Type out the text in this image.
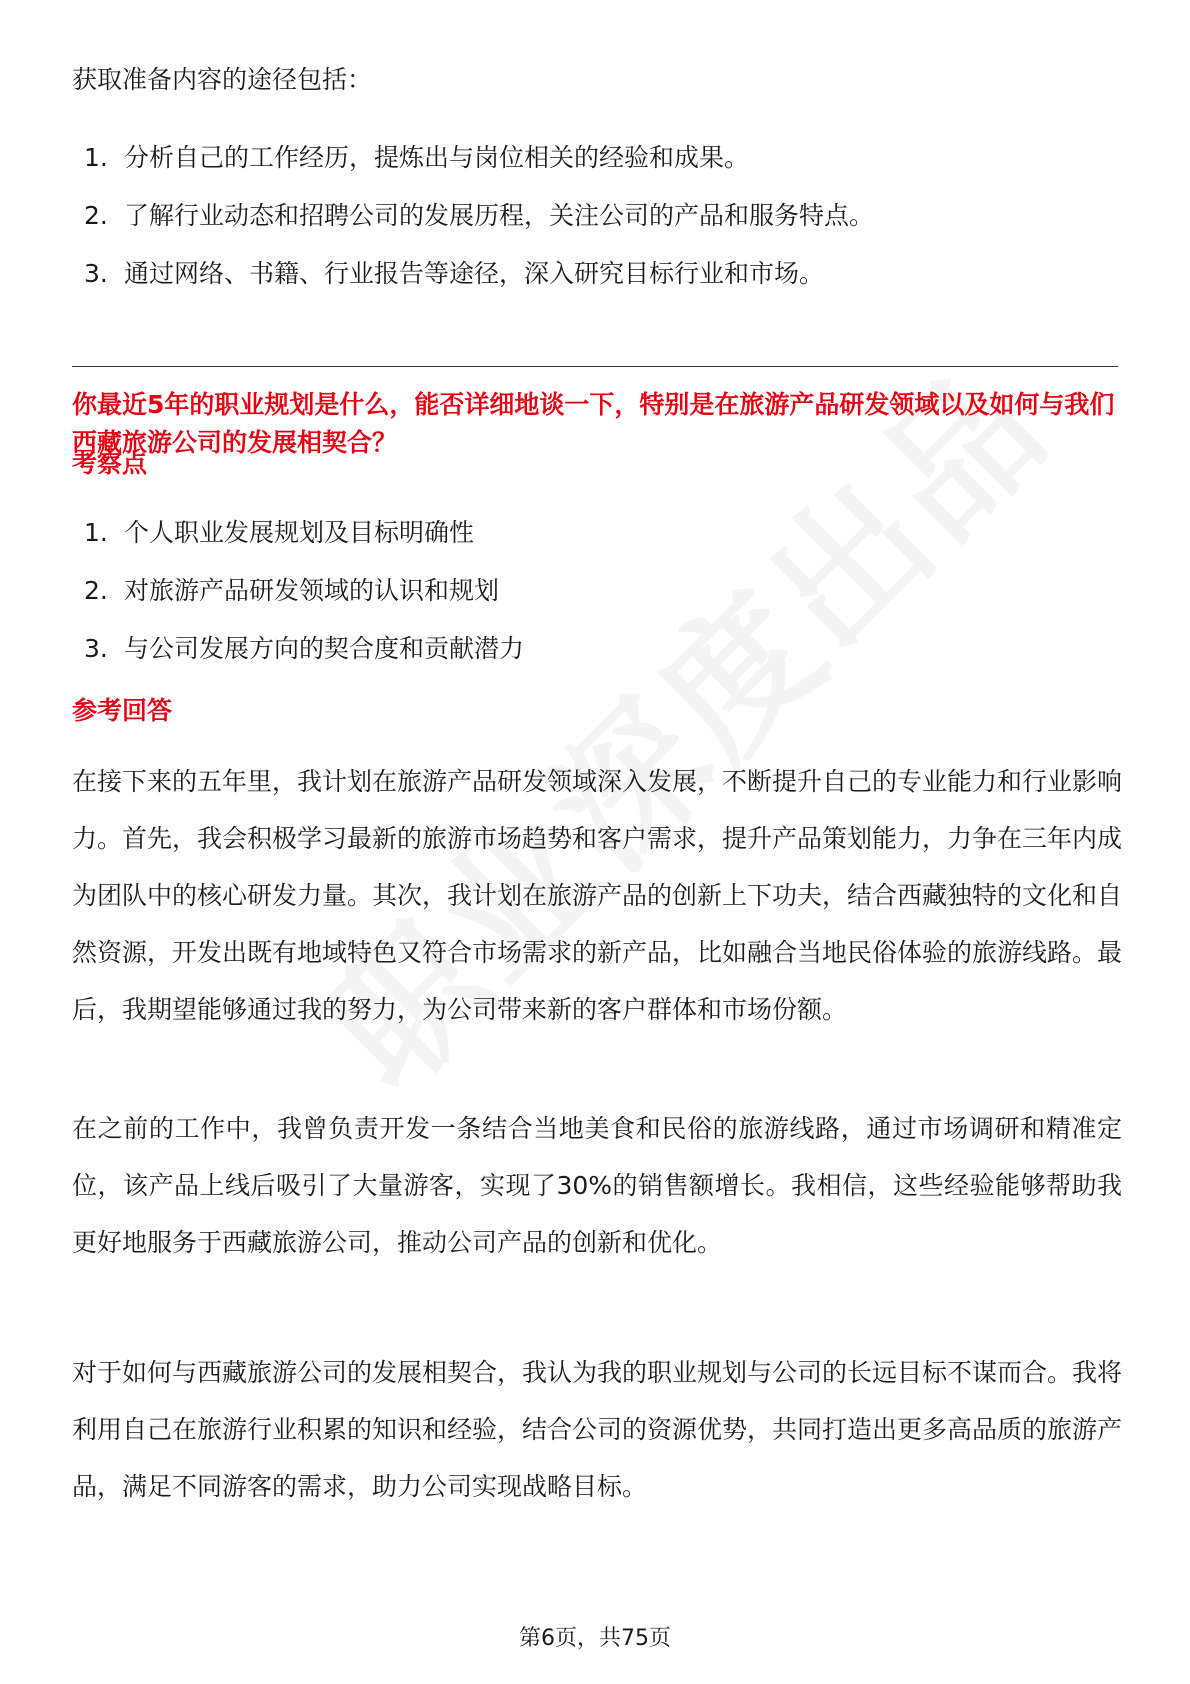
获取准备内容的途径包括：
1. 分析自己的工作经历，提炼出与岗位相关的经验和成果。
2. 了解行业动态和招聘公司的发展历程，关注公司的产品和服务特点。
3. 通过网络、书籍、行业报告等途径，深入研究目标行业和市场。
你最近5年的职业规划是什么，能否详细地谈一下，特别是在旅游产品研发领域以及如何与我们西藏旅游公司的发展相契合？
考察点
1. 个人职业发展规划及目标明确性
2. 对旅游产品研发领域的认识和规划
3. 与公司发展方向的契合度和贡献潜力
参考回答

在接下来的五年里，我计划在旅游产品研发领域深入发展，不断提升自己的专业能力和行业影响力。首先，我会积极学习最新的旅游市场趋势和客户需求，提升产品策划能力，力争在三年内成为团队中的核心研发力量。其次，我计划在旅游产品的创新上下功夫，结合西藏独特的文化和自然资源，开发出既有地域特色又符合市场需求的新产品，比如融合当地民俗体验的旅游线路。最后，我期望能够通过我的努力，为公司带来新的客户群体和市场份额。

在之前的工作中，我曾负责开发一条结合当地美食和民俗的旅游线路，通过市场调研和精准定位，该产品上线后吸引了大量游客，实现了30%的销售额增长。我相信，这些经验能够帮助我更好地服务于西藏旅游公司，推动公司产品的创新和优化。

对于如何与西藏旅游公司的发展相契合，我认为我的职业规划与公司的长远目标不谋而合。我将利用自己在旅游行业积累的知识和经验，结合公司的资源优势，共同打造出更多高品质的旅游产品，满足不同游客的需求，助力公司实现战略目标。

第6页，共75页
